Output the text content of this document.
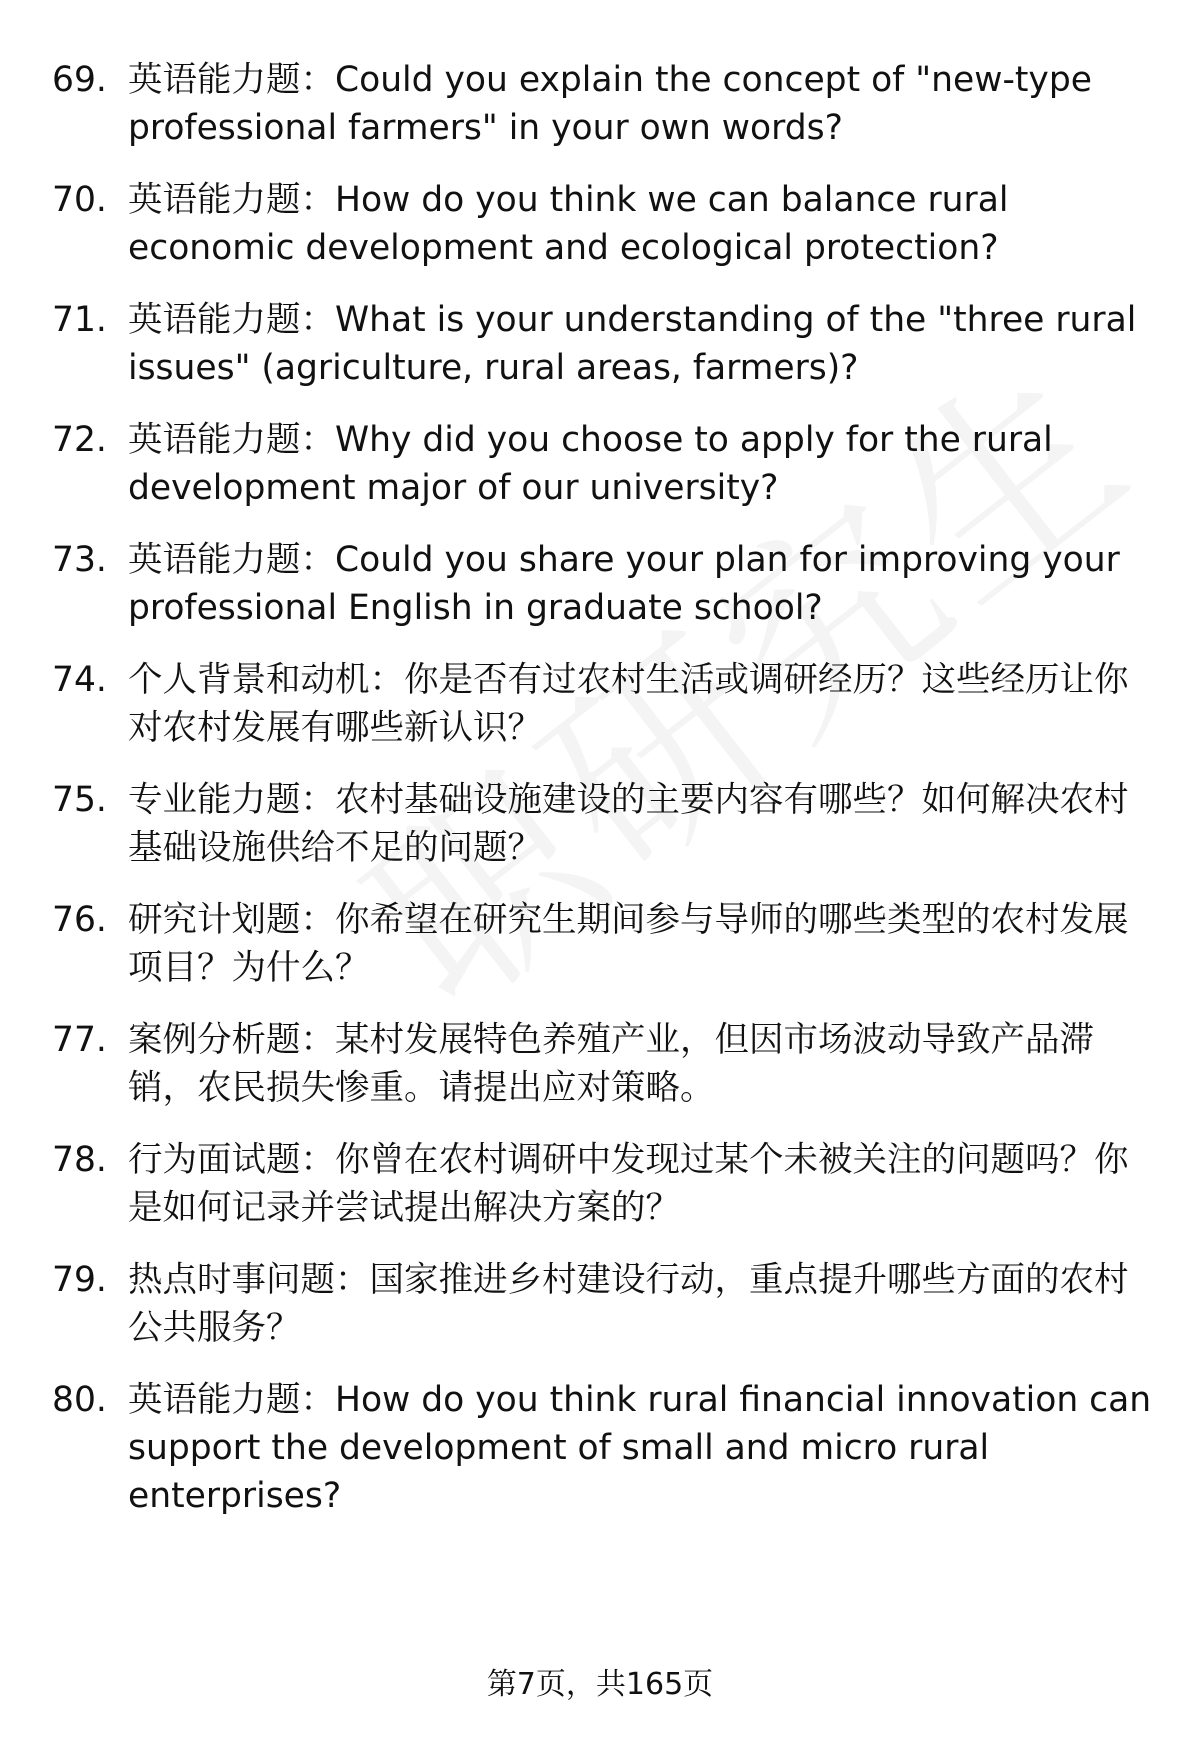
69. 英语能力题：Could you explain the concept of "new-type professional farmers" in your own words?
70. 英语能力题：How do you think we can balance rural economic development and ecological protection?
71. 英语能力题：What is your understanding of the "three rural issues" (agriculture, rural areas, farmers)?
72. 英语能力题：Why did you choose to apply for the rural development major of our university?
73. 英语能力题：Could you share your plan for improving your professional English in graduate school?
74. 个人背景和动机：你是否有过农村生活或调研经历？这些经历让你对农村发展有哪些新认识？
75. 专业能力题：农村基础设施建设的主要内容有哪些？如何解决农村基础设施供给不足的问题？
76. 研究计划题：你希望在研究生期间参与导师的哪些类型的农村发展项目？为什么？
77. 案例分析题：某村发展特色养殖产业，但因市场波动导致产品滞销，农民损失惨重。请提出应对策略。
78. 行为面试题：你曾在农村调研中发现过某个未被关注的问题吗？你是如何记录并尝试提出解决方案的？
79. 热点时事问题：国家推进乡村建设行动，重点提升哪些方面的农村公共服务？
80. 英语能力题：How do you think rural financial innovation can support the development of small and micro rural enterprises?
第7页，共165页
